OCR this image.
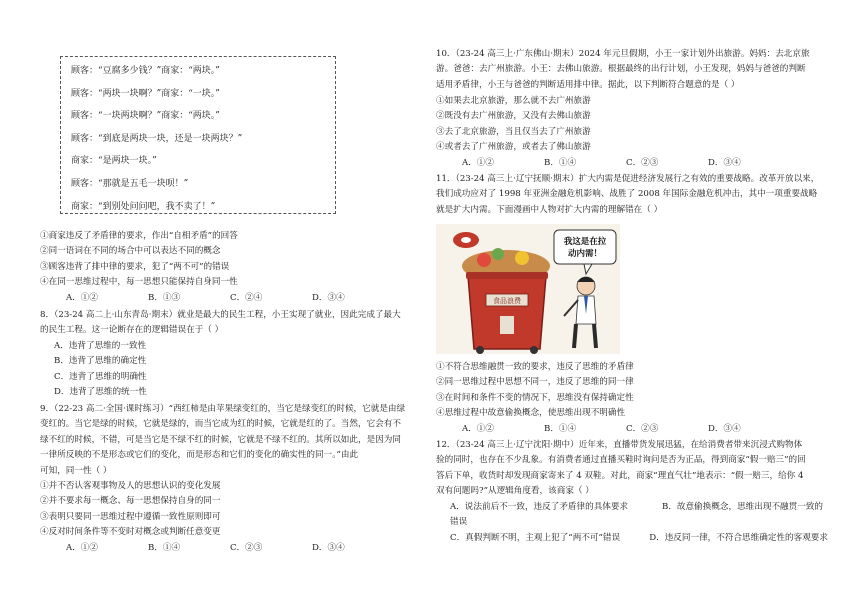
顾客：“豆腐多少钱？”商家：“两块。”
顾客：“两块一块啊？”商家：“一块。”
顾客：“一块两块啊？”商家：“两块。”
顾客：“到底是两块一块，还是一块两块？”
商家：“是两块一块。”
顾客：“那就是五毛一块呗！”
商家：“到别处问问吧，我不卖了！”
①商家违反了矛盾律的要求，作出“自相矛盾”的回答
②同一语词在不同的场合中可以表达不同的概念
③顾客违背了排中律的要求，犯了“两不可”的错误
④在同一思维过程中，每一思想只能保持自身同一性
A．①②	B．①③	C．②④	D．③④
8．（23-24 高二上·山东青岛·期末）就业是最大的民生工程，小王实现了就业，因此完成了最大
的民生工程。这一论断存在的逻辑错误在于（ ）
A．违背了思维的一致性
B．违背了思维的确定性
C．违背了思维的明确性
D．违背了思维的统一性
9．（22-23 高二·全国·课时练习）“西红柿是由苹果绿变红的，当它是绿变红的时候，它就是由绿
变红的。当它是绿的时候，它就是绿的，而当它成为红的时候，它就是红的了。当然，它会有不
绿不红的时候，不错，可是当它是不绿不红的时候，它就是不绿不红的。其所以如此，是因为同
一律所反映的不是形态或它们的变化，而是形态和它们的变化的确实性的同一。”由此
可知，同一性（ ）
①并不否认客观事物及人的思想认识的变化发展
②并不要求每一概念、每一思想保持自身的同一
③表明只要同一思维过程中遵循一致性原则即可
④反对时间条件等不变时对概念或判断任意变更
A．①②	B．①④	C．②③	D．③④
10．（23-24 高三上·广东佛山·期末）2024 年元旦假期，小王一家计划外出旅游。妈妈：去北京旅
游。爸爸：去广州旅游。小王：去佛山旅游。根据最终的出行计划，小王发现，妈妈与爸爸的判断
适用矛盾律，小王与爸爸的判断适用排中律。据此，以下判断符合题意的是（ ）
①如果去北京旅游，那么就不去广州旅游
②既没有去广州旅游，又没有去佛山旅游
③去了北京旅游，当且仅当去了广州旅游
④或者去了广州旅游，或者去了佛山旅游
A．①②	B．①④	C．②③	D．③④
11．（23-24 高三上·辽宁抚顺·期末）扩大内需是促进经济发展行之有效的重要战略。改革开放以来，
我们成功应对了 1998 年亚洲金融危机影响、战胜了 2008 年国际金融危机冲击，其中一项重要战略
就是扩大内需。下面漫画中人物对扩大内需的理解错在（ ）
食品浪费
我这是在拉
动内需！
①不符合思维融贯一致的要求，违反了思维的矛盾律
②同一思维过程中思想不同一，违反了思维的同一律
③在时间和条件不变的情况下，思维没有保持确定性
④思维过程中故意偷换概念，使思维出现不明确性
A．①②	B．①④	C．②③	D．③④
12．（23-24 高三上·辽宁沈阳·期中）近年来，直播带货发展迅猛，在给消费者带来沉浸式购物体
验的同时，也存在不少乱象。有消费者通过直播买鞋时询问是否为正品，得到商家“假一赔三”的回
答后下单，收货时却发现商家寄来了 4 双鞋。对此，商家“理直气壮”地表示：“假一赔三，给你 4
双有问题吗?”从逻辑角度看，该商家（ ）
A．说法前后不一致，违反了矛盾律的具体要求	B．故意偷换概念，思维出现不融贯一致的
错误
C．真假判断不明，主观上犯了“两不可”错误	D．违反同一律，不符合思维确定性的客观要求
